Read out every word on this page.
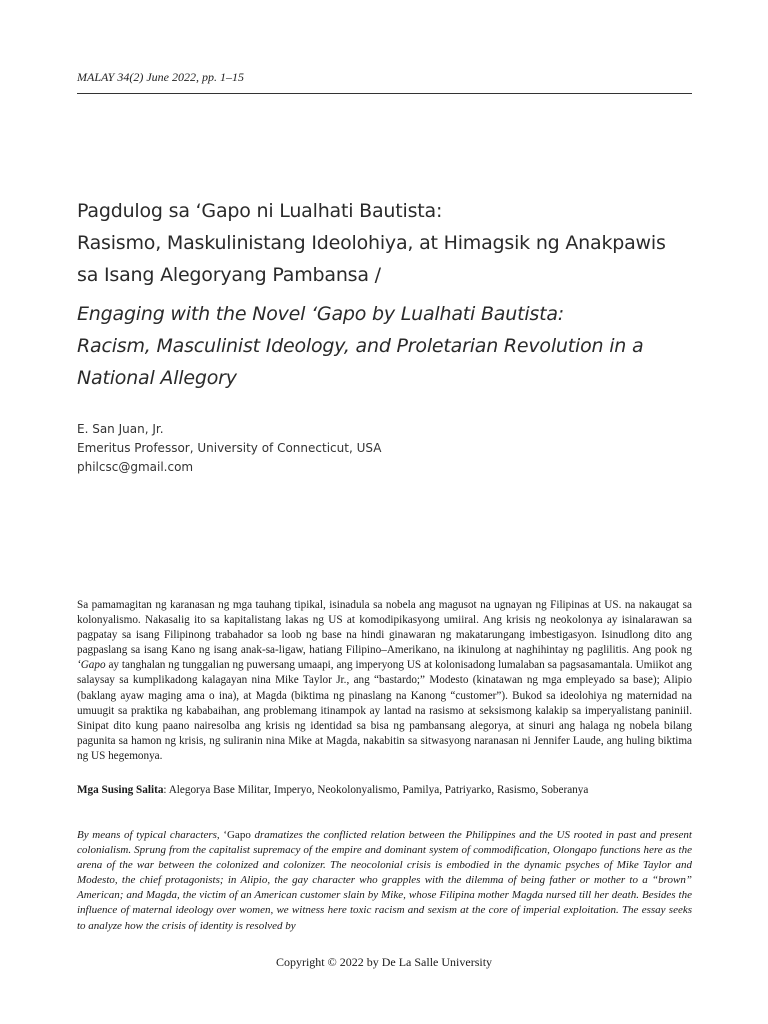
MALAY 34(2) June 2022, pp. 1–15
Pagdulog sa ‘Gapo ni Lualhati Bautista:
Rasismo, Maskulinistang Ideolohiya, at Himagsik ng Anakpawis
sa Isang Alegoryang Pambansa /
Engaging with the Novel ‘Gapo by Lualhati Bautista:
Racism, Masculinist Ideology, and Proletarian Revolution in a
National Allegory
E. San Juan, Jr.
Emeritus Professor, University of Connecticut, USA
philcsc@gmail.com
Sa pamamagitan ng karanasan ng mga tauhang tipikal, isinadula sa nobela ang magusot na ugnayan ng Filipinas at US. na nakaugat sa kolonyalismo. Nakasalig ito sa kapitalistang lakas ng US at komodipikasyong umiiral. Ang krisis ng neokolonya ay isinalarawan sa pagpatay sa isang Filipinong trabahador sa loob ng base na hindi ginawaran ng makatarungang imbestigasyon. Isinudlong dito ang pagpaslang sa isang Kano ng isang anak-sa-ligaw, hatiang Filipino–Amerikano, na ikinulong at naghihintay ng paglilitis. Ang pook ng ‘Gapo ay tanghalan ng tunggalian ng puwersang umaapi, ang imperyong US at kolonisadong lumalaban sa pagsasamantala. Umiikot ang salaysay sa kumplikadong kalagayan nina Mike Taylor Jr., ang “bastardo;” Modesto (kinatawan ng mga empleyado sa base); Alipio (baklang ayaw maging ama o ina), at Magda (biktima ng pinaslang na Kanong “customer”). Bukod sa ideolohiya ng maternidad na umuugit sa praktika ng kababaihan, ang problemang itinampok ay lantad na rasismo at seksismong kalakip sa imperyalistang paniniil. Sinipat dito kung paano nairesolba ang krisis ng identidad sa bisa ng pambansang alegorya, at sinuri ang halaga ng nobela bilang pagunita sa hamon ng krisis, ng suliranin nina Mike at Magda, nakabitin sa sitwasyong naranasan ni Jennifer Laude, ang huling biktima ng US hegemonya.
Mga Susing Salita: Alegorya Base Militar, Imperyo, Neokolonyalismo, Pamilya, Patriyarko, Rasismo, Soberanya
By means of typical characters, ‘Gapo dramatizes the conflicted relation between the Philippines and the US rooted in past and present colonialism. Sprung from the capitalist supremacy of the empire and dominant system of commodification, Olongapo functions here as the arena of the war between the colonized and colonizer. The neocolonial crisis is embodied in the dynamic psyches of Mike Taylor and Modesto, the chief protagonists; in Alipio, the gay character who grapples with the dilemma of being father or mother to a “brown” American; and Magda, the victim of an American customer slain by Mike, whose Filipina mother Magda nursed till her death. Besides the influence of maternal ideology over women, we witness here toxic racism and sexism at the core of imperial exploitation. The essay seeks to analyze how the crisis of identity is resolved by
Copyright © 2022 by De La Salle University
